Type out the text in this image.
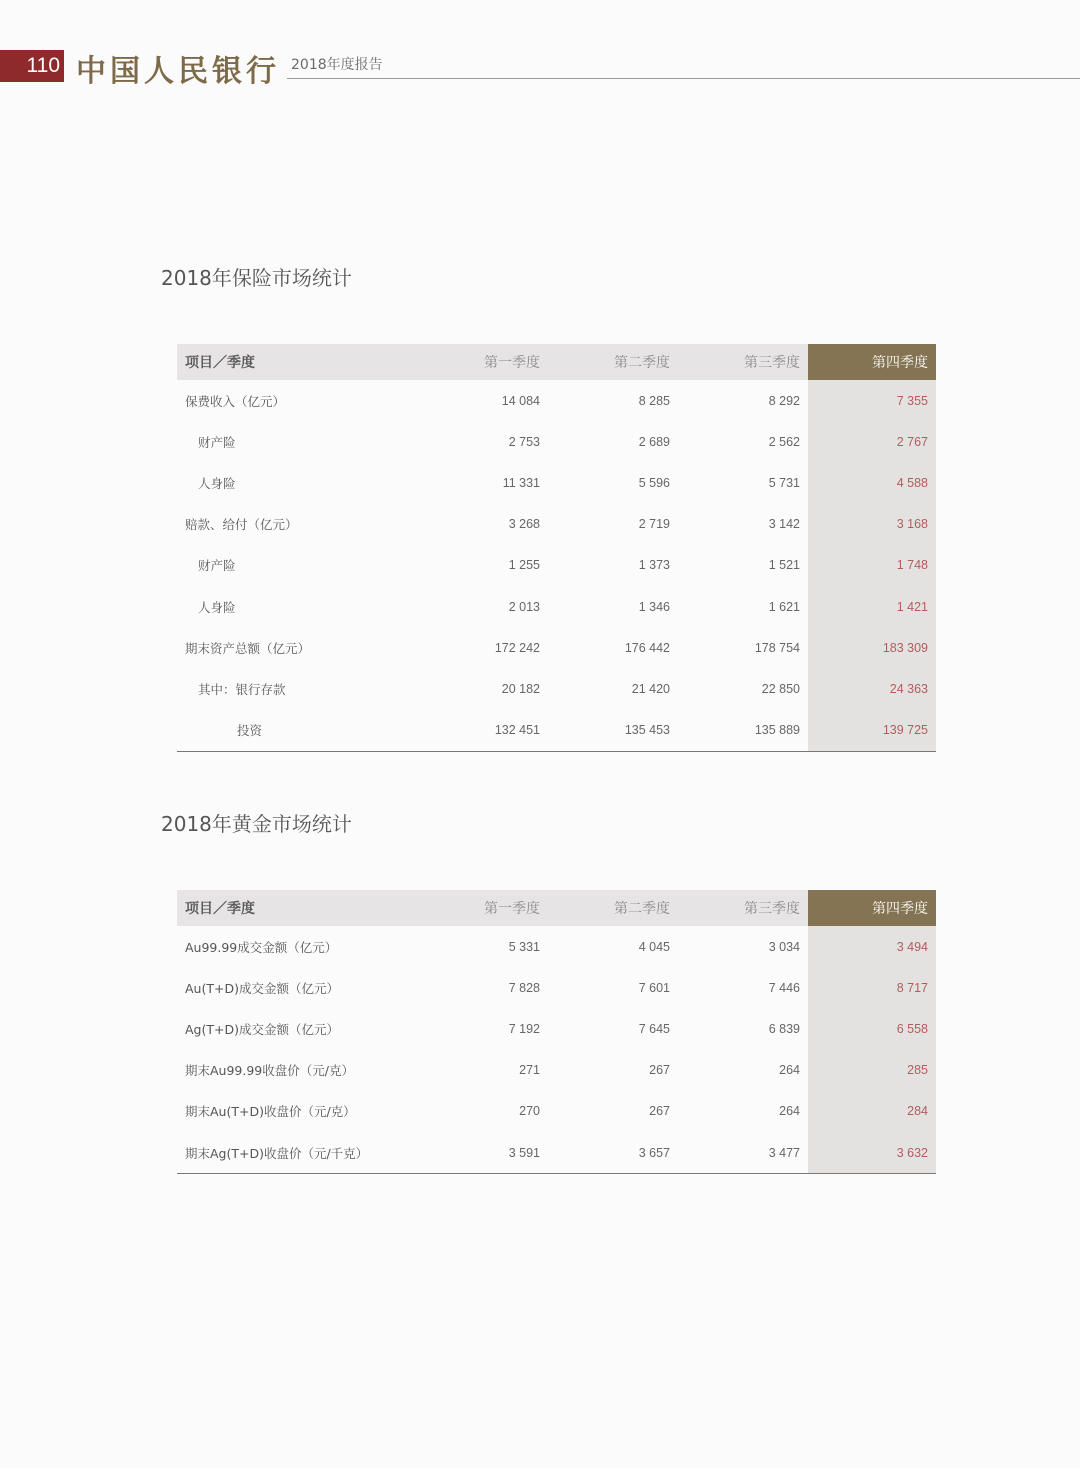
110 中国人民银行 2018年度报告
2018年保险市场统计
项目／季度	第一季度	第二季度	第三季度	第四季度
保费收入（亿元）	14 084	8 285	8 292	7 355
财产险	2 753	2 689	2 562	2 767
人身险	11 331	5 596	5 731	4 588
赔款、给付（亿元）	3 268	2 719	3 142	3 168
财产险	1 255	1 373	1 521	1 748
人身险	2 013	1 346	1 621	1 421
期末资产总额（亿元）	172 242	176 442	178 754	183 309
其中：银行存款	20 182	21 420	22 850	24 363
投资	132 451	135 453	135 889	139 725
2018年黄金市场统计
项目／季度	第一季度	第二季度	第三季度	第四季度
Au99.99成交金额（亿元）	5 331	4 045	3 034	3 494
Au(T+D)成交金额（亿元）	7 828	7 601	7 446	8 717
Ag(T+D)成交金额（亿元）	7 192	7 645	6 839	6 558
期末Au99.99收盘价（元/克）	271	267	264	285
期末Au(T+D)收盘价（元/克）	270	267	264	284
期末Ag(T+D)收盘价（元/千克）	3 591	3 657	3 477	3 632
